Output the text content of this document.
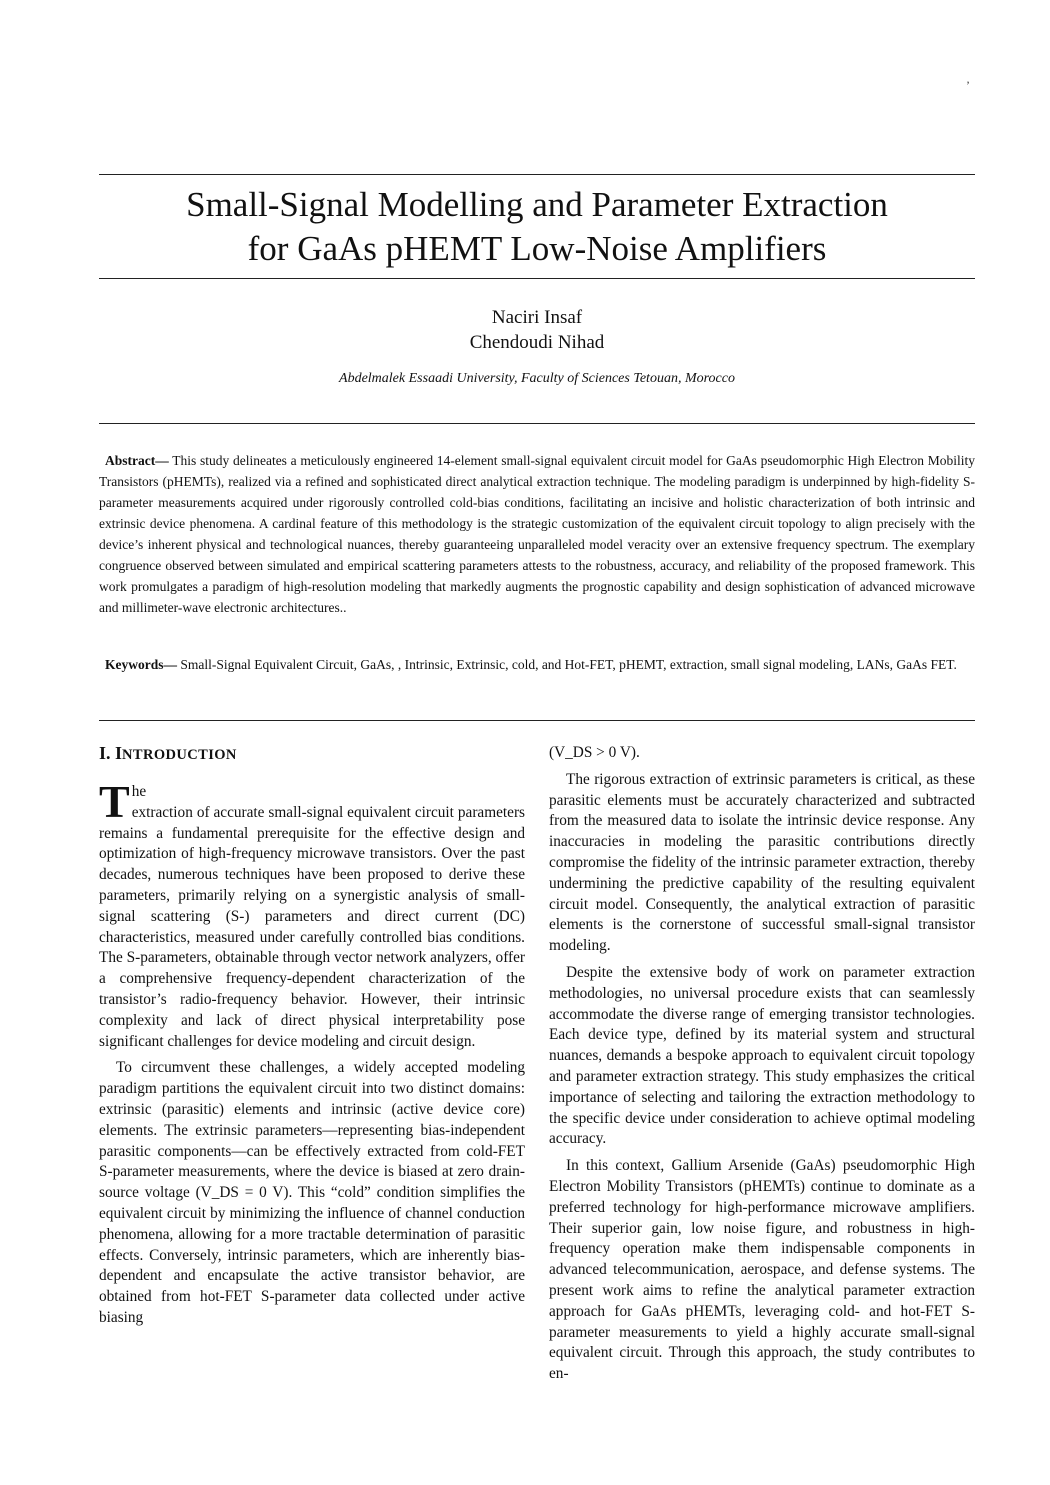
’
Small-Signal Modelling and Parameter Extraction
for GaAs pHEMT Low-Noise Amplifiers
Naciri Insaf
Chendoudi Nihad
Abdelmalek Essaadi University, Faculty of Sciences Tetouan, Morocco

Abstract— This study delineates a meticulously engineered 14-element small-signal equivalent circuit model for GaAs pseudomorphic High Electron Mobility Transistors (pHEMTs), realized via a refined and sophisticated direct analytical extraction technique. The modeling paradigm is underpinned by high-fidelity S-parameter measurements acquired under rigorously controlled cold-bias conditions, facilitating an incisive and holistic characterization of both intrinsic and extrinsic device phenomena. A cardinal feature of this methodology is the strategic customization of the equivalent circuit topology to align precisely with the device’s inherent physical and technological nuances, thereby guaranteeing unparalleled model veracity over an extensive frequency spectrum. The exemplary congruence observed between simulated and empirical scattering parameters attests to the robustness, accuracy, and reliability of the proposed framework. This work promulgates a paradigm of high-resolution modeling that markedly augments the prognostic capability and design sophistication of advanced microwave and millimeter-wave electronic architectures..

Keywords— Small-Signal Equivalent Circuit, GaAs, , Intrinsic, Extrinsic, cold, and Hot-FET, pHEMT, extraction, small signal modeling, LANs, GaAs FET.

I. INTRODUCTION

T he
extraction of accurate small-signal equivalent circuit parameters remains a fundamental prerequisite for the effective design and optimization of high-frequency microwave transistors. Over the past decades, numerous techniques have been proposed to derive these parameters, primarily relying on a synergistic analysis of small-signal scattering (S-) parameters and direct current (DC) characteristics, measured under carefully controlled bias conditions. The S-parameters, obtainable through vector network analyzers, offer a comprehensive frequency-dependent characterization of the transistor’s radio-frequency behavior. However, their intrinsic complexity and lack of direct physical interpretability pose significant challenges for device modeling and circuit design.

To circumvent these challenges, a widely accepted modeling paradigm partitions the equivalent circuit into two distinct domains: extrinsic (parasitic) elements and intrinsic (active device core) elements. The extrinsic parameters—representing bias-independent parasitic components—can be effectively extracted from cold-FET S-parameter measurements, where the device is biased at zero drain-source voltage (V_DS = 0 V). This “cold” condition simplifies the equivalent circuit by minimizing the influence of channel conduction phenomena, allowing for a more tractable determination of parasitic effects. Conversely, intrinsic parameters, which are inherently bias-dependent and encapsulate the active transistor behavior, are obtained from hot-FET S-parameter data collected under active biasing

(V_DS > 0 V).

The rigorous extraction of extrinsic parameters is critical, as these parasitic elements must be accurately characterized and subtracted from the measured data to isolate the intrinsic device response. Any inaccuracies in modeling the parasitic contributions directly compromise the fidelity of the intrinsic parameter extraction, thereby undermining the predictive capability of the resulting equivalent circuit model. Consequently, the analytical extraction of parasitic elements is the cornerstone of successful small-signal transistor modeling.

Despite the extensive body of work on parameter extraction methodologies, no universal procedure exists that can seamlessly accommodate the diverse range of emerging transistor technologies. Each device type, defined by its material system and structural nuances, demands a bespoke approach to equivalent circuit topology and parameter extraction strategy. This study emphasizes the critical importance of selecting and tailoring the extraction methodology to the specific device under consideration to achieve optimal modeling accuracy.

In this context, Gallium Arsenide (GaAs) pseudomorphic High Electron Mobility Transistors (pHEMTs) continue to dominate as a preferred technology for high-performance microwave amplifiers. Their superior gain, low noise figure, and robustness in high-frequency operation make them indispensable components in advanced telecommunication, aerospace, and defense systems. The present work aims to refine the analytical parameter extraction approach for GaAs pHEMTs, leveraging cold- and hot-FET S-parameter measurements to yield a highly accurate small-signal equivalent circuit. Through this approach, the study contributes to en-
